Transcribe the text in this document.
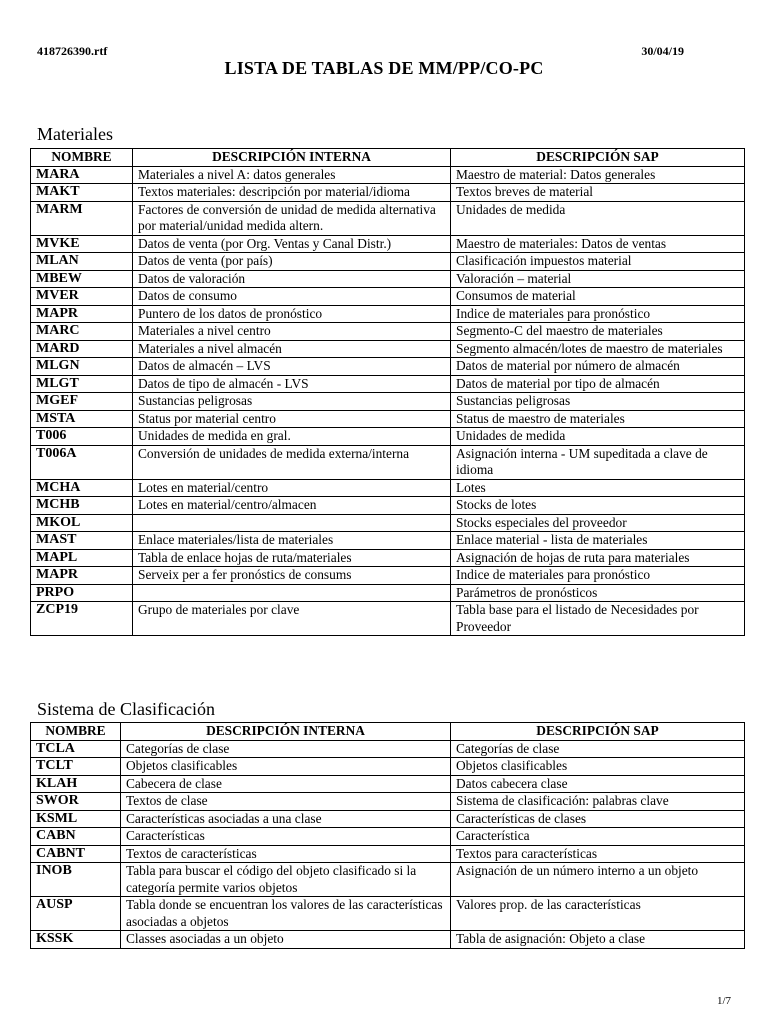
418726390.rtf	30/04/19
LISTA DE TABLAS DE MM/PP/CO-PC
Materiales
NOMBRE	DESCRIPCIÓN INTERNA	DESCRIPCIÓN SAP
MARA	Materiales a nivel A: datos generales	Maestro de material: Datos generales
MAKT	Textos materiales: descripción por material/idioma	Textos breves de material
MARM	Factores de conversión de unidad de medida alternativa por material/unidad medida altern.	Unidades de medida
MVKE	Datos de venta (por Org. Ventas y Canal Distr.)	Maestro de materiales: Datos de ventas
MLAN	Datos de venta (por país)	Clasificación impuestos material
MBEW	Datos de valoración	Valoración – material
MVER	Datos de consumo	Consumos de material
MAPR	Puntero de los datos de pronóstico	Indice de materiales para pronóstico
MARC	Materiales a nivel centro	Segmento-C del maestro de materiales
MARD	Materiales a nivel almacén	Segmento almacén/lotes de maestro de materiales
MLGN	Datos de almacén – LVS	Datos de material por número de almacén
MLGT	Datos de tipo de almacén - LVS	Datos de material por tipo de almacén
MGEF	Sustancias peligrosas	Sustancias peligrosas
MSTA	Status por material centro	Status de maestro de materiales
T006	Unidades de medida en gral.	Unidades de medida
T006A	Conversión de unidades de medida externa/interna	Asignación interna - UM supeditada a clave de idioma
MCHA	Lotes en material/centro	Lotes
MCHB	Lotes en material/centro/almacen	Stocks de lotes
MKOL		Stocks especiales del proveedor
MAST	Enlace materiales/lista de materiales	Enlace material - lista de materiales
MAPL	Tabla de enlace hojas de ruta/materiales	Asignación de hojas de ruta para materiales
MAPR	Serveix per a fer pronóstics de consums	Indice de materiales para pronóstico
PRPO		Parámetros de pronósticos
ZCP19	Grupo de materiales por clave	Tabla base para el listado de Necesidades por Proveedor
Sistema de Clasificación
NOMBRE	DESCRIPCIÓN INTERNA	DESCRIPCIÓN SAP
TCLA	Categorías de clase	Categorías de clase
TCLT	Objetos clasificables	Objetos clasificables
KLAH	Cabecera de clase	Datos cabecera clase
SWOR	Textos de clase	Sistema de clasificación: palabras clave
KSML	Características asociadas a una clase	Características de clases
CABN	Características	Característica
CABNT	Textos de características	Textos para características
INOB	Tabla para buscar el código del objeto clasificado si la categoría permite varios objetos	Asignación de un número interno a un objeto
AUSP	Tabla donde se encuentran los valores de las características asociadas a objetos	Valores prop. de las características
KSSK	Classes asociadas a un objeto	Tabla de asignación: Objeto a clase
1/7
